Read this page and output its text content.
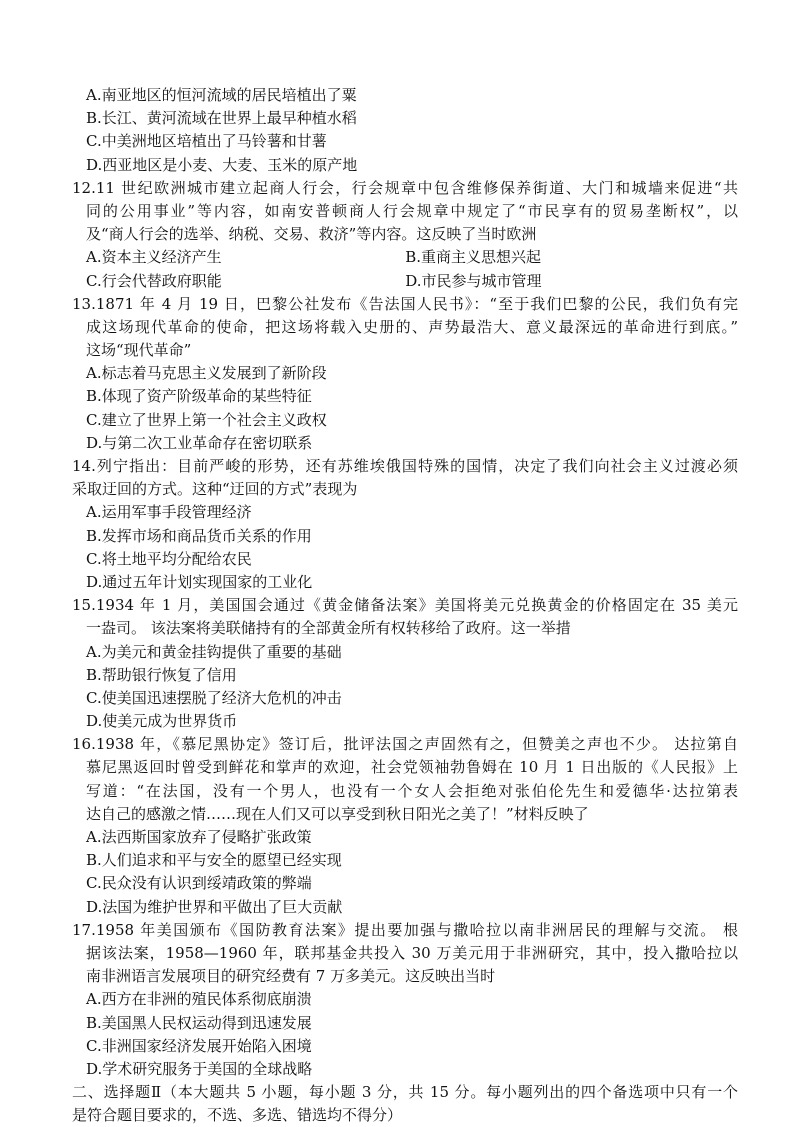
A.南亚地区的恒河流域的居民培植出了粟
B.长江、黄河流域在世界上最早种植水稻
C.中美洲地区培植出了马铃薯和甘薯
D.西亚地区是小麦、大麦、玉米的原产地
12.11 世纪欧洲城市建立起商人行会，行会规章中包含维修保养街道、大门和城墙来促进“共
同的公用事业”等内容，如南安普顿商人行会规章中规定了“市民享有的贸易垄断权”，以
及“商人行会的选举、纳税、交易、救济”等内容。这反映了当时欧洲
A.资本主义经济产生	B.重商主义思想兴起
C.行会代替政府职能	D.市民参与城市管理
13.1871 年 4 月 19 日，巴黎公社发布《告法国人民书》：“至于我们巴黎的公民，我们负有完
成这场现代革命的使命，把这场将载入史册的、声势最浩大、意义最深远的革命进行到底。”
这场“现代革命”
A.标志着马克思主义发展到了新阶段
B.体现了资产阶级革命的某些特征
C.建立了世界上第一个社会主义政权
D.与第二次工业革命存在密切联系
14.列宁指出：目前严峻的形势，还有苏维埃俄国特殊的国情，决定了我们向社会主义过渡必须
采取迂回的方式。这种“迂回的方式”表现为
A.运用军事手段管理经济
B.发挥市场和商品货币关系的作用
C.将土地平均分配给农民
D.通过五年计划实现国家的工业化
15.1934 年 1 月，美国国会通过《黄金储备法案》美国将美元兑换黄金的价格固定在 35 美元
一盎司。 该法案将美联储持有的全部黄金所有权转移给了政府。这一举措
A.为美元和黄金挂钩提供了重要的基础
B.帮助银行恢复了信用
C.使美国迅速摆脱了经济大危机的冲击
D.使美元成为世界货币
16.1938 年，《慕尼黑协定》签订后，批评法国之声固然有之，但赞美之声也不少。 达拉第自
慕尼黑返回时曾受到鲜花和掌声的欢迎，社会党领袖勃鲁姆在 10 月 1 日出版的《人民报》上
写道：“在法国，没有一个男人，也没有一个女人会拒绝对张伯伦先生和爱德华·达拉第表
达自己的感激之情……现在人们又可以享受到秋日阳光之美了！”材料反映了
A.法西斯国家放弃了侵略扩张政策
B.人们追求和平与安全的愿望已经实现
C.民众没有认识到绥靖政策的弊端
D.法国为维护世界和平做出了巨大贡献
17.1958 年美国颁布《国防教育法案》提出要加强与撒哈拉以南非洲居民的理解与交流。 根
据该法案，1958—1960 年，联邦基金共投入 30 万美元用于非洲研究，其中，投入撒哈拉以
南非洲语言发展项目的研究经费有 7 万多美元。这反映出当时
A.西方在非洲的殖民体系彻底崩溃
B.美国黑人民权运动得到迅速发展
C.非洲国家经济发展开始陷入困境
D.学术研究服务于美国的全球战略
二、选择题Ⅱ（本大题共 5 小题，每小题 3 分，共 15 分。每小题列出的四个备选项中只有一个
是符合题目要求的，不选、多选、错选均不得分）
